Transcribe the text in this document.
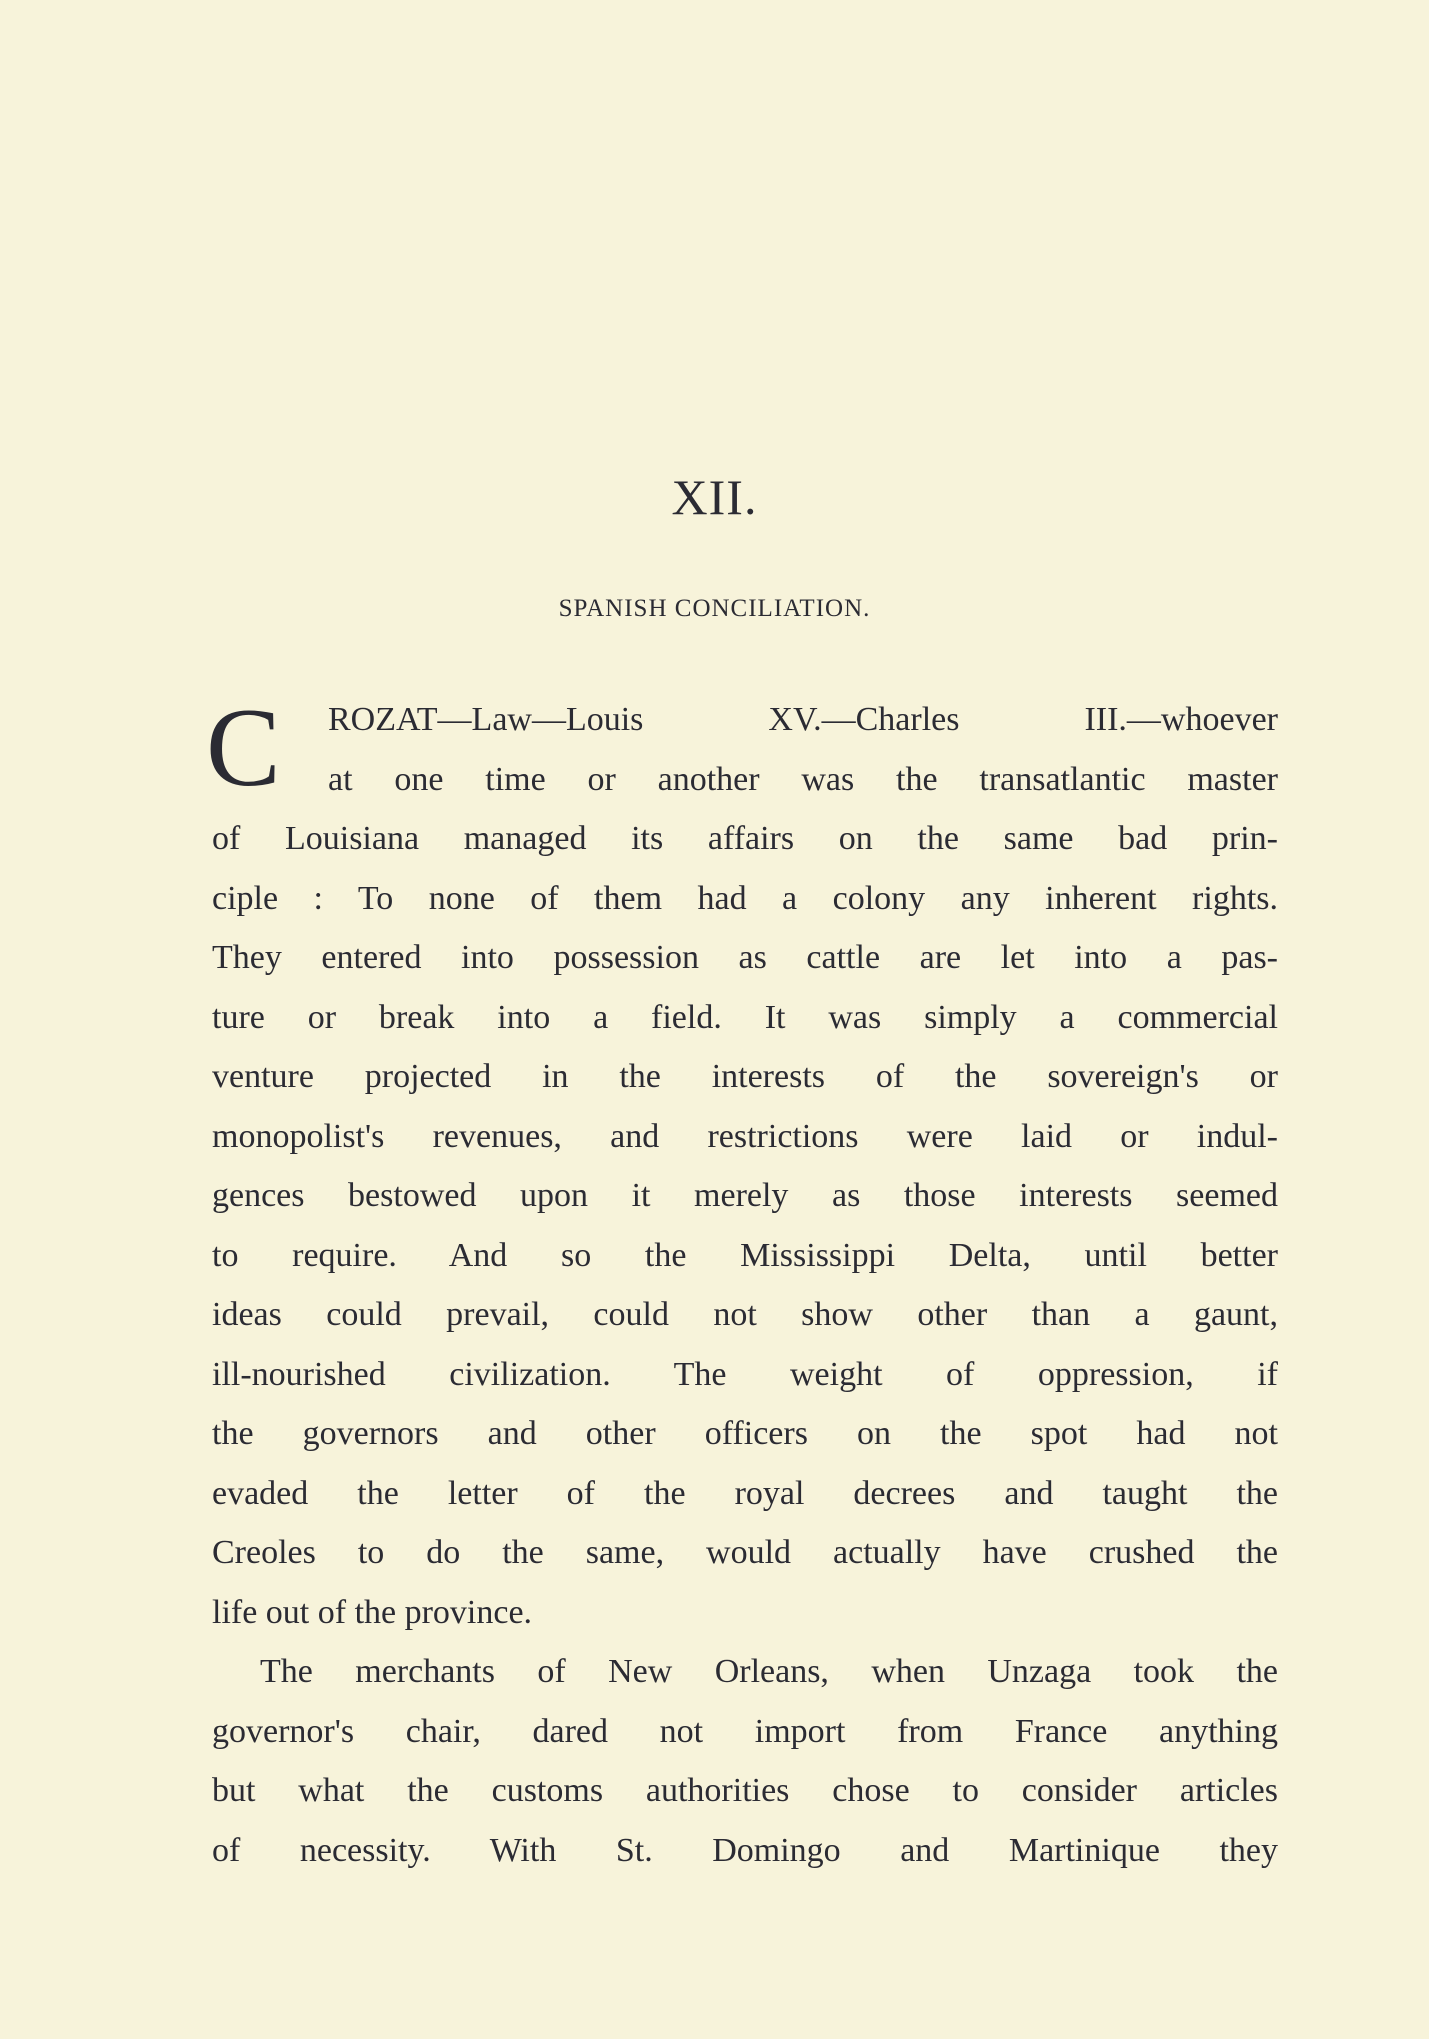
XII.
SPANISH CONCILIATION.
C	ROZAT—Law—Louis XV.—Charles III.—whoever
at one time or another was the transatlantic master
of Louisiana managed its affairs on the same bad prin-
ciple : To none of them had a colony any inherent rights.
They entered into possession as cattle are let into a pas-
ture or break into a field. It was simply a commercial
venture projected in the interests of the sovereign's or
monopolist's revenues, and restrictions were laid or indul-
gences bestowed upon it merely as those interests seemed
to require. And so the Mississippi Delta, until better
ideas could prevail, could not show other than a gaunt,
ill-nourished civilization. The weight of oppression, if
the governors and other officers on the spot had not
evaded the letter of the royal decrees and taught the
Creoles to do the same, would actually have crushed the
life out of the province.
The merchants of New Orleans, when Unzaga took the
governor's chair, dared not import from France anything
but what the customs authorities chose to consider articles
of necessity. With St. Domingo and Martinique they
